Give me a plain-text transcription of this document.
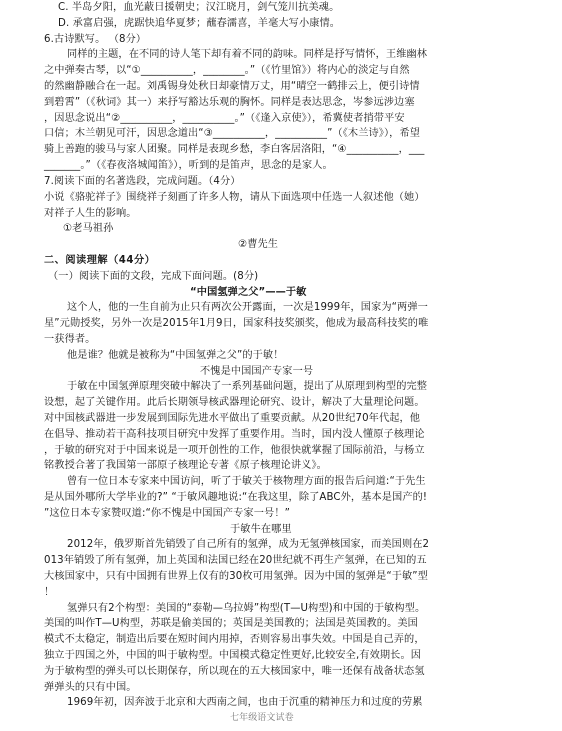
C. 半岛夕阳，血光蔽日援朝史；汉江晓月，剑气笼川抗美魂。
D. 承富启强，虎踞快追华夏梦；蘸春濡喜，羊毫大写小康情。
6.古诗默写。 （8分）
同样的主题，在不同的诗人笔下却有着不同的韵味。同样是抒写情怀，王维幽林
之中弹奏古琴，以“①__________，________。”（《竹里馆》）将内心的淡定与自然
的然幽静融合在一起。刘禹锡身处秋日却豪情万丈，用“晴空一鹤排云上，便引诗情
到碧霄”（《秋词》其一）来抒写豁达乐观的胸怀。同样是表达思念，岑参远涉边塞
，因思念说出“②__________，__________。”（《逢入京使》），希冀使者捎带平安
口信；木兰朝见可汗，因思念道出“③__________，__________”（《木兰诗》），希望
骑上善跑的骏马与家人团聚。同样是表现乡愁，李白客居洛阳，“④__________，___
_______。”（《春夜洛城闻笛》），听到的是笛声，思念的是家人。
7.阅读下面的名著选段，完成问题。（4分）
小说《骆驼祥子》围绕祥子刻画了许多人物，请从下面选项中任选一人叙述他（她）
对祥子人生的影响。
①老马祖孙
②曹先生
二、阅读理解（44分）
（一）阅读下面的文段，完成下面问题。(8分)
“中国氢弹之父”——于敏
这个人，他的一生自前为止只有两次公开露面，一次是1999年，国家为“两弹一
星”元勋授奖，另外一次是2015年1月9日，国家科技奖颁奖，他成为最高科技奖的唯
一获得者。
他是谁？他就是被称为“中国氢弹之父”的于敏！
不愧是中国国产专家一号
于敏在中国氢弹原理突破中解决了一系列基础问题，提出了从原理到构型的完整
设想，起了关键作用。此后长期领导核武器理论研究、设计，解决了大量理论问题。
对中国核武器进一步发展到国际先进水平做出了重要贡献。从20世纪70年代起，他
在倡导、推动若干高科技项目研究中发挥了重要作用。当时，国内没人懂原子核理论
，于敏的研究对于中国来说是一项开创性的工作，他很快就掌握了国际前沿，与杨立
铭教授合著了我国第一部原子核理论专著《原子核理论讲义》。
曾有一位日本专家来中国访问，听了于敏关于核物理方面的报告后问道:“于先生
是从国外哪所大学毕业的?” “于敏风趣地说:“在我这里，除了ABC外，基本是国产的!
”这位日本专家赞叹道:“你不愧是中国国产专家一号！”
于敏牛在哪里
2012年，俄罗斯首先销毁了自己所有的氢弹，成为无氢弹核国家，而美国则在2
013年销毁了所有氢弹，加上英国和法国已经在20世纪就不再生产氢弹，在已知的五
大核国家中，只有中国拥有世界上仅有的30枚可用氢弹。因为中国的氢弹是“于敏”型
！
氢弹只有2个构型：美国的“泰勒—乌拉姆”构型(T—U构型)和中国的于敏构型。
美国的叫作T—U构型，苏联是偷美国的；英国是美国教的；法国是英国教的。美国
模式不太稳定，制造出后要在短时间内用掉，否则容易出事失效。中国是自己弄的，
独立于四国之外，中国的叫于敏构型。中国模式稳定性更好,比较安全,有效期长。因
为于敏构型的弹头可以长期保存，所以现在的五大核国家中，唯一还保有战备状态氢
弹弹头的只有中国。
1969年初，因奔波于北京和大西南之间，也由于沉重的精神压力和过度的劳累
七年级语文试卷
